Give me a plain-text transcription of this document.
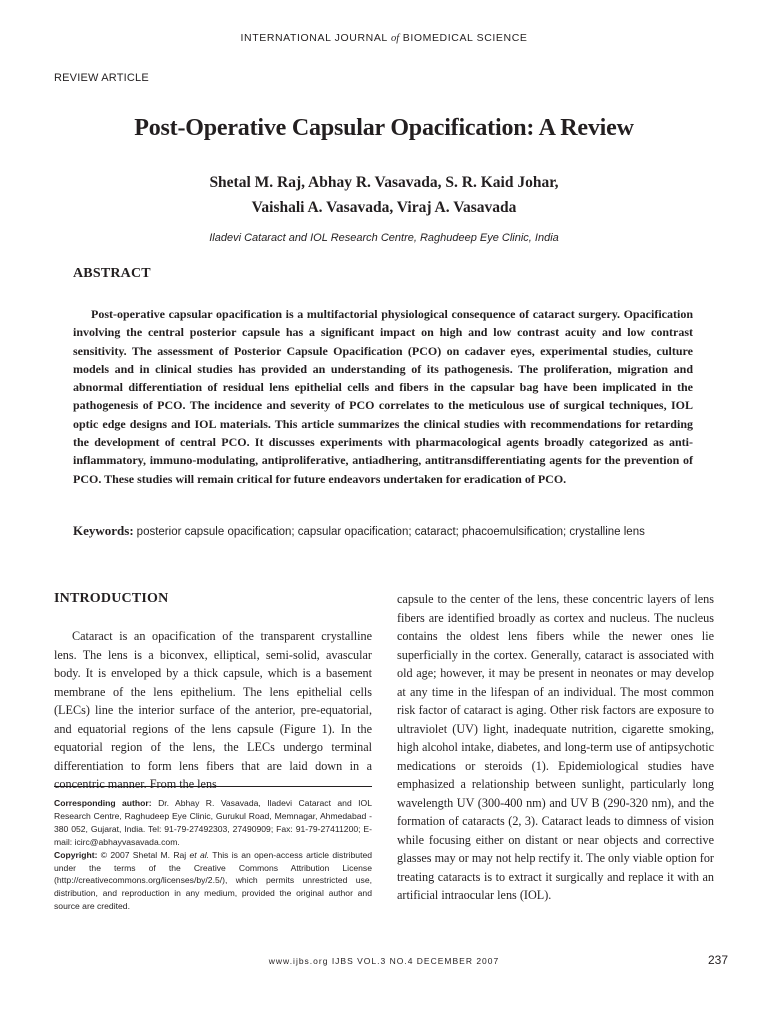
INTERNATIONAL JOURNAL of BIOMEDICAL SCIENCE
REVIEW ARTICLE
Post-Operative Capsular Opacification: A Review
Shetal M. Raj, Abhay R. Vasavada, S. R. Kaid Johar,
Vaishali A. Vasavada, Viraj A. Vasavada
Iladevi Cataract and IOL Research Centre, Raghudeep Eye Clinic, India
ABSTRACT
Post-operative capsular opacification is a multifactorial physiological consequence of cataract surgery. Opacification involving the central posterior capsule has a significant impact on high and low contrast acuity and low contrast sensitivity. The assessment of Posterior Capsule Opacification (PCO) on cadaver eyes, experimental studies, culture models and in clinical studies has provided an understanding of its pathogenesis. The proliferation, migration and abnormal differentiation of residual lens epithelial cells and fibers in the capsular bag have been implicated in the pathogenesis of PCO. The incidence and severity of PCO correlates to the meticulous use of surgical techniques, IOL optic edge designs and IOL materials. This article summarizes the clinical studies with recommendations for retarding the development of central PCO. It discusses experiments with pharmacological agents broadly categorized as anti-inflammatory, immuno-modulating, antiproliferative, antiadhering, antitransdifferentiating agents for the prevention of PCO. These studies will remain critical for future endeavors undertaken for eradication of PCO.
Keywords: posterior capsule opacification; capsular opacification; cataract; phacoemulsification; crystalline lens
INTRODUCTION
Cataract is an opacification of the transparent crystalline lens. The lens is a biconvex, elliptical, semi-solid, avascular body. It is enveloped by a thick capsule, which is a basement membrane of the lens epithelium. The lens epithelial cells (LECs) line the interior surface of the anterior, pre-equatorial, and equatorial regions of the lens capsule (Figure 1). In the equatorial region of the lens, the LECs undergo terminal differentiation to form lens fibers that are laid down in a concentric manner. From the lens
capsule to the center of the lens, these concentric layers of lens fibers are identified broadly as cortex and nucleus. The nucleus contains the oldest lens fibers while the newer ones lie superficially in the cortex. Generally, cataract is associated with old age; however, it may be present in neonates or may develop at any time in the lifespan of an individual. The most common risk factor of cataract is aging. Other risk factors are exposure to ultraviolet (UV) light, inadequate nutrition, cigarette smoking, high alcohol intake, diabetes, and long-term use of antipsychotic medications or steroids (1). Epidemiological studies have emphasized a relationship between sunlight, particularly long wavelength UV (300-400 nm) and UV B (290-320 nm), and the formation of cataracts (2, 3). Cataract leads to dimness of vision while focusing either on distant or near objects and corrective glasses may or may not help rectify it. The only viable option for treating cataracts is to extract it surgically and replace it with an artificial intraocular lens (IOL).
Corresponding author: Dr. Abhay R. Vasavada, Iladevi Cataract and IOL Research Centre, Raghudeep Eye Clinic, Gurukul Road, Memnagar, Ahmedabad - 380 052, Gujarat, India. Tel: 91-79-27492303, 27490909; Fax: 91-79-27411200; E-mail: icirc@abhayvasavada.com.
Copyright: © 2007 Shetal M. Raj et al. This is an open-access article distributed under the terms of the Creative Commons Attribution License (http://creativecommons.org/licenses/by/2.5/), which permits unrestricted use, distribution, and reproduction in any medium, provided the original author and source are credited.
www.ijbs.org IJBS VOL.3 NO.4 DECEMBER 2007	237
